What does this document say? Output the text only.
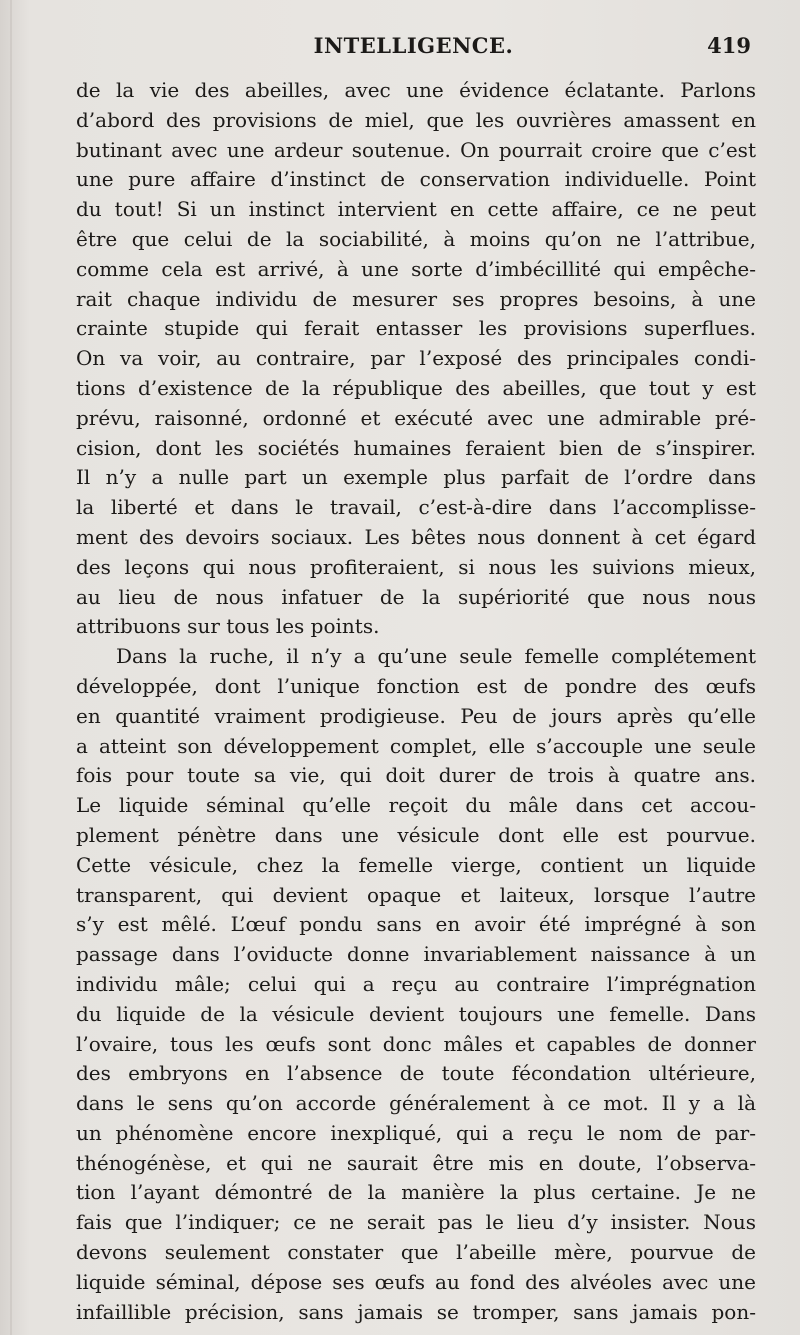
INTELLIGENCE.	419
de la vie des abeilles, avec une évidence éclatante. Parlons
d’abord des provisions de miel, que les ouvrières amassent en
butinant avec une ardeur soutenue. On pourrait croire que c’est
une pure affaire d’instinct de conservation individuelle. Point
du tout! Si un instinct intervient en cette affaire, ce ne peut
être que celui de la sociabilité, à moins qu’on ne l’attribue,
comme cela est arrivé, à une sorte d’imbécillité qui empêche-
rait chaque individu de mesurer ses propres besoins, à une
crainte stupide qui ferait entasser les provisions superflues.
On va voir, au contraire, par l’exposé des principales condi-
tions d’existence de la république des abeilles, que tout y est
prévu, raisonné, ordonné et exécuté avec une admirable pré-
cision, dont les sociétés humaines feraient bien de s’inspirer.
Il n’y a nulle part un exemple plus parfait de l’ordre dans
la liberté et dans le travail, c’est-à-dire dans l’accomplisse-
ment des devoirs sociaux. Les bêtes nous donnent à cet égard
des leçons qui nous profiteraient, si nous les suivions mieux,
au lieu de nous infatuer de la supériorité que nous nous
attribuons sur tous les points.
Dans la ruche, il n’y a qu’une seule femelle complétement
développée, dont l’unique fonction est de pondre des œufs
en quantité vraiment prodigieuse. Peu de jours après qu’elle
a atteint son développement complet, elle s’accouple une seule
fois pour toute sa vie, qui doit durer de trois à quatre ans.
Le liquide séminal qu’elle reçoit du mâle dans cet accou-
plement pénètre dans une vésicule dont elle est pourvue.
Cette vésicule, chez la femelle vierge, contient un liquide
transparent, qui devient opaque et laiteux, lorsque l’autre
s’y est mêlé. L’œuf pondu sans en avoir été imprégné à son
passage dans l’oviducte donne invariablement naissance à un
individu mâle; celui qui a reçu au contraire l’imprégnation
du liquide de la vésicule devient toujours une femelle. Dans
l’ovaire, tous les œufs sont donc mâles et capables de donner
des embryons en l’absence de toute fécondation ultérieure,
dans le sens qu’on accorde généralement à ce mot. Il y a là
un phénomène encore inexpliqué, qui a reçu le nom de par-
thénogénèse, et qui ne saurait être mis en doute, l’observa-
tion l’ayant démontré de la manière la plus certaine. Je ne
fais que l’indiquer; ce ne serait pas le lieu d’y insister. Nous
devons seulement constater que l’abeille mère, pourvue de
liquide séminal, dépose ses œufs au fond des alvéoles avec une
infaillible précision, sans jamais se tromper, sans jamais pon-
